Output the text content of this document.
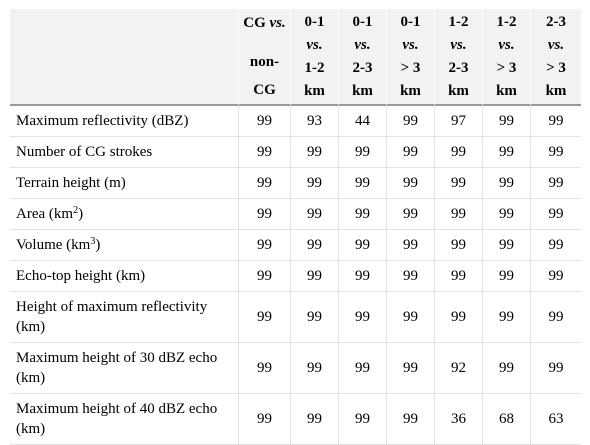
	CG vs.
non-
CG	0-1
vs.
1-2
km	0-1
vs.
2-3
km	0-1
vs.
> 3
km	1-2
vs.
2-3
km	1-2
vs.
> 3
km	2-3
vs.
> 3
km
Maximum reflectivity (dBZ)	99	93	44	99	97	99	99
Number of CG strokes	99	99	99	99	99	99	99
Terrain height (m)	99	99	99	99	99	99	99
Area $(km^2)$	99	99	99	99	99	99	99
Volume $(km^3)$	99	99	99	99	99	99	99
Echo-top height (km)	99	99	99	99	99	99	99
Height of maximum reflectivity (km)	99	99	99	99	99	99	99
Maximum height of 30 dBZ echo (km)	99	99	99	99	92	99	99
Maximum height of 40 dBZ echo (km)	99	99	99	99	36	68	63
